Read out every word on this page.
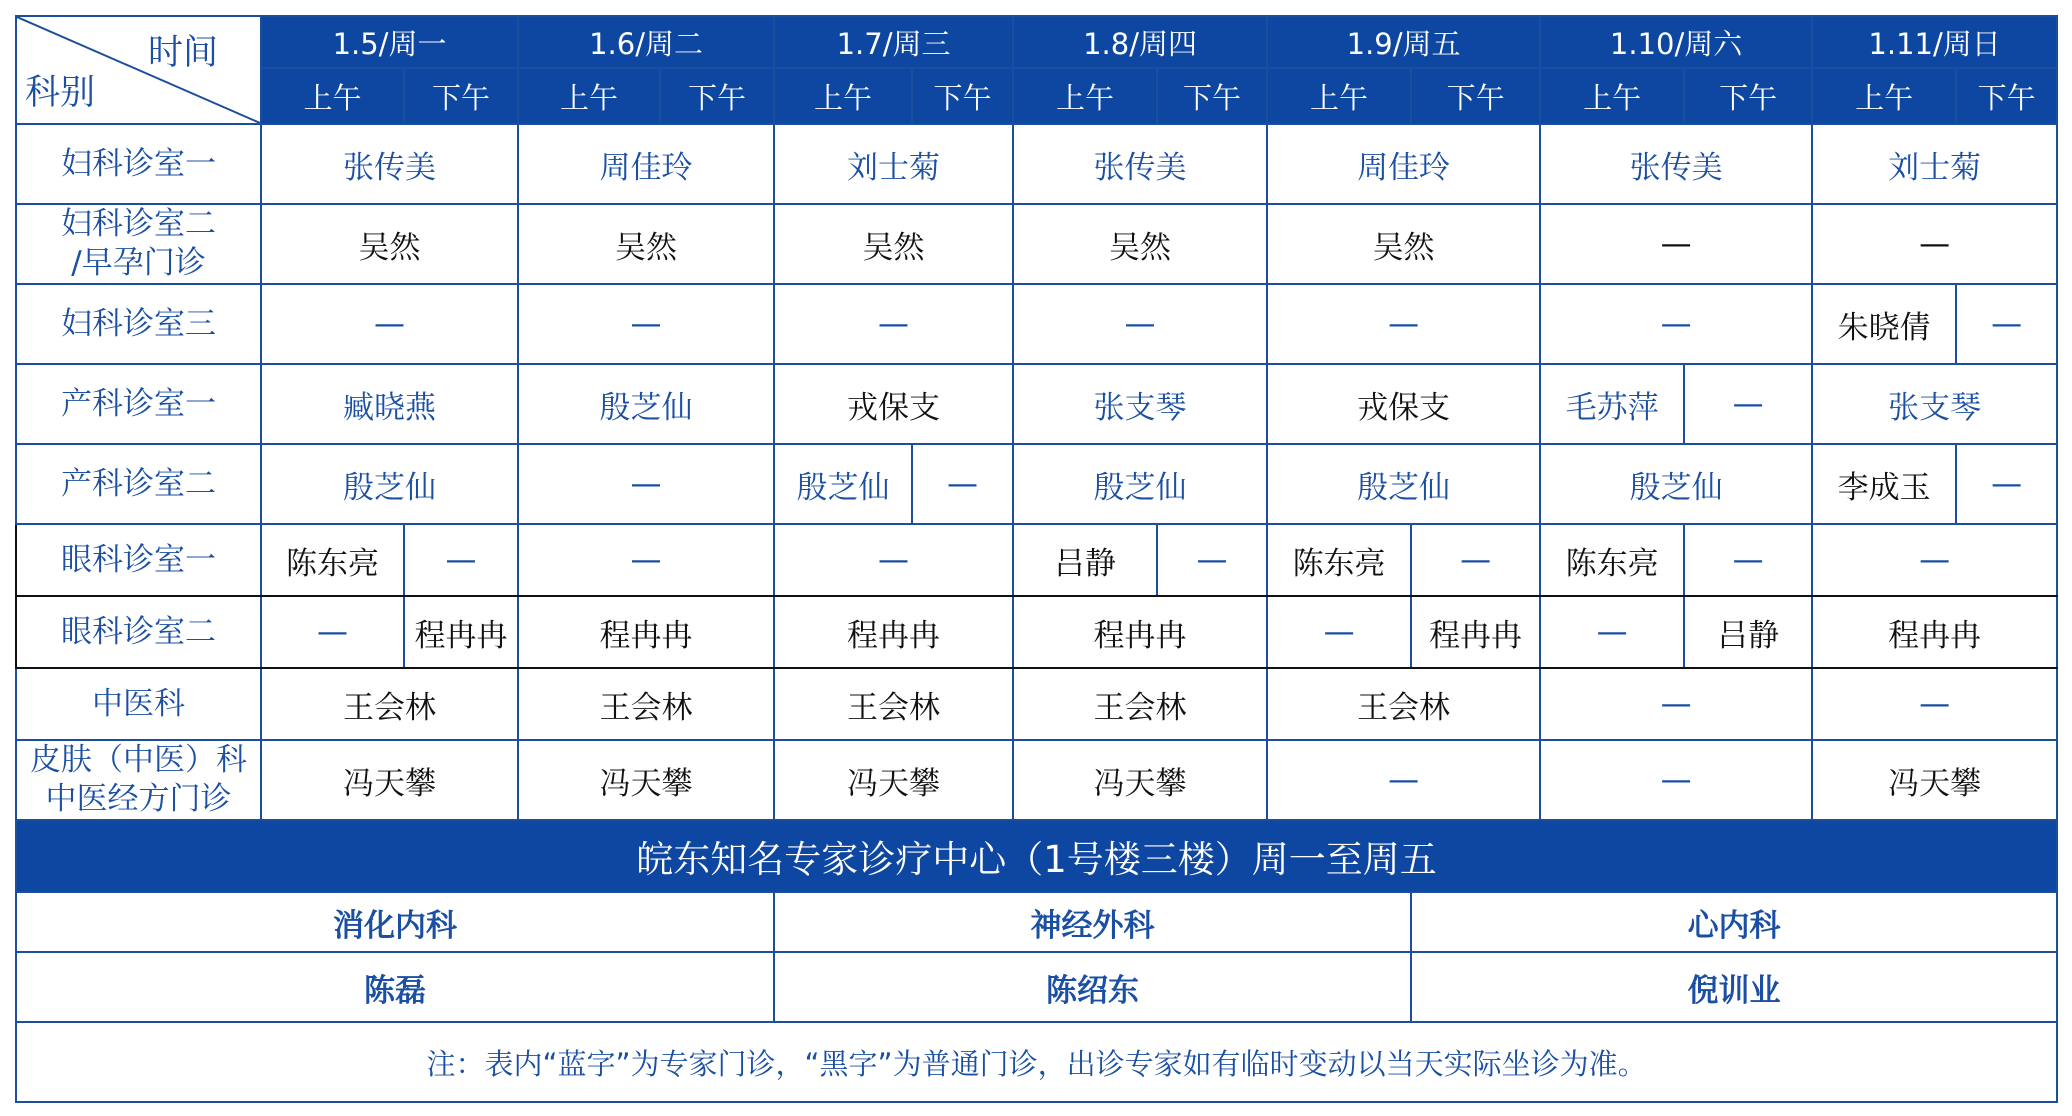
时间
科别	1.5/周一		1.6/周二		1.7/周三		1.8/周四		1.9/周五		1.10/周六		1.11/周日	
	上午	下午	上午	下午	上午	下午	上午	下午	上午	下午	上午	下午	上午	下午

妇科诊室一	张传美		周佳玲		刘士菊		张传美		周佳玲		张传美		刘士菊	

妇科诊室二
/早孕门诊	吴然		吴然		吴然		吴然		吴然		—		—	

妇科诊室三	—		—		—		—		—		—		朱晓倩	—

产科诊室一	臧晓燕		殷芝仙		戎保支		张支琴		戎保支		毛苏萍	—	张支琴	

产科诊室二	殷芝仙		—		殷芝仙	—	殷芝仙		殷芝仙		殷芝仙		李成玉	—

眼科诊室一	陈东亮	—	—		—		吕静	—	陈东亮	—	陈东亮	—	—	

眼科诊室二	—	程冉冉	程冉冉		程冉冉		程冉冉		—	程冉冉	—	吕静	程冉冉	

中医科	王会林		王会林		王会林		王会林		王会林		—		—	

皮肤（中医）科
中医经方门诊	冯天攀		冯天攀		冯天攀		冯天攀		—		—		冯天攀	
皖东知名专家诊疗中心（1号楼三楼）周一至周五														
消化内科					神经外科					心内科				
陈磊					陈绍东					倪训业				
注：表内“蓝字”为专家门诊，“黑字”为普通门诊，出诊专家如有临时变动以当天实际坐诊为准。														
